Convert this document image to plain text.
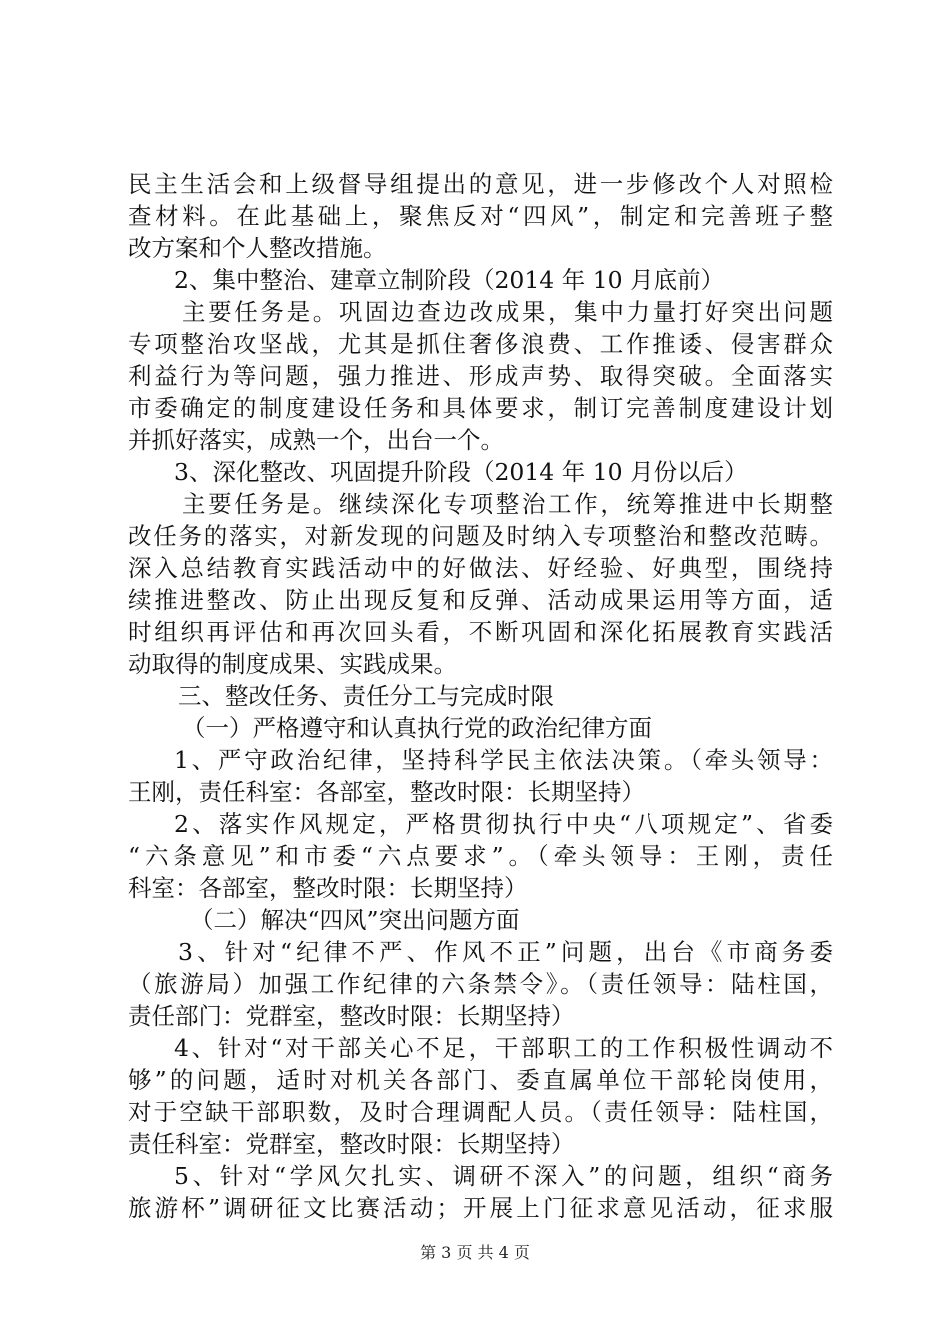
民主生活会和上级督导组提出的意见，进一步修改个人对照检
查材料。在此基础上，聚焦反对“四风”，制定和完善班子整
改方案和个人整改措施。
2、集中整治、建章立制阶段（2014 年 10 月底前）
主要任务是。巩固边查边改成果，集中力量打好突出问题
专项整治攻坚战，尤其是抓住奢侈浪费、工作推诿、侵害群众
利益行为等问题，强力推进、形成声势、取得突破。全面落实
市委确定的制度建设任务和具体要求，制订完善制度建设计划
并抓好落实，成熟一个，出台一个。
3、深化整改、巩固提升阶段（2014 年 10 月份以后）
主要任务是。继续深化专项整治工作，统筹推进中长期整
改任务的落实，对新发现的问题及时纳入专项整治和整改范畴。
深入总结教育实践活动中的好做法、好经验、好典型，围绕持
续推进整改、防止出现反复和反弹、活动成果运用等方面，适
时组织再评估和再次回头看，不断巩固和深化拓展教育实践活
动取得的制度成果、实践成果。
三、整改任务、责任分工与完成时限
（一）严格遵守和认真执行党的政治纪律方面
1、严守政治纪律，坚持科学民主依法决策。（牵头领导：
王刚，责任科室：各部室，整改时限：长期坚持）
2、落实作风规定，严格贯彻执行中央“八项规定”、省委
“六条意见”和市委“六点要求”。（牵头领导：王刚，责任
科室：各部室，整改时限：长期坚持）
（二）解决“四风”突出问题方面
3、针对“纪律不严、作风不正”问题，出台《市商务委
（旅游局）加强工作纪律的六条禁令》。（责任领导：陆柱国，
责任部门：党群室，整改时限：长期坚持）
4、针对“对干部关心不足，干部职工的工作积极性调动不
够”的问题，适时对机关各部门、委直属单位干部轮岗使用，
对于空缺干部职数，及时合理调配人员。（责任领导：陆柱国，
责任科室：党群室，整改时限：长期坚持）
5、针对“学风欠扎实、调研不深入”的问题，组织“商务
旅游杯”调研征文比赛活动；开展上门征求意见活动，征求服
第 3 页 共 4 页
